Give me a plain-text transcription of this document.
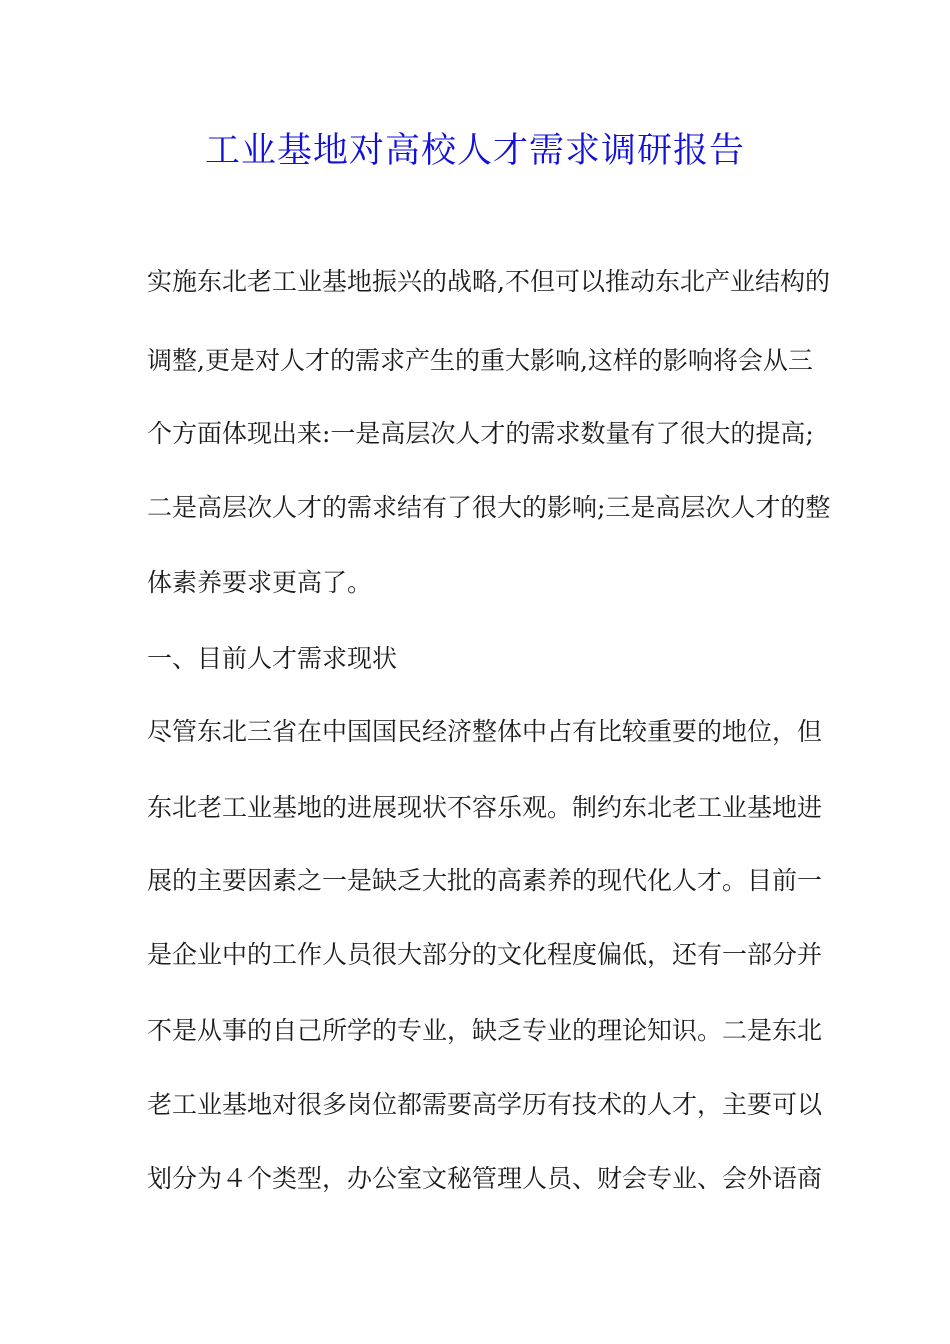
工业基地对高校人才需求调研报告

实施东北老工业基地振兴的战略,不但可以推动东北产业结构的

调整,更是对人才的需求产生的重大影响,这样的影响将会从三

个方面体现出来:一是高层次人才的需求数量有了很大的提高;

二是高层次人才的需求结有了很大的影响;三是高层次人才的整

体素养要求更高了。

一、目前人才需求现状

尽管东北三省在中国国民经济整体中占有比较重要的地位，但

东北老工业基地的进展现状不容乐观。制约东北老工业基地进

展的主要因素之一是缺乏大批的高素养的现代化人才。目前一

是企业中的工作人员很大部分的文化程度偏低，还有一部分并

不是从事的自己所学的专业，缺乏专业的理论知识。二是东北

老工业基地对很多岗位都需要高学历有技术的人才，主要可以

划分为４个类型，办公室文秘管理人员、财会专业、会外语商
